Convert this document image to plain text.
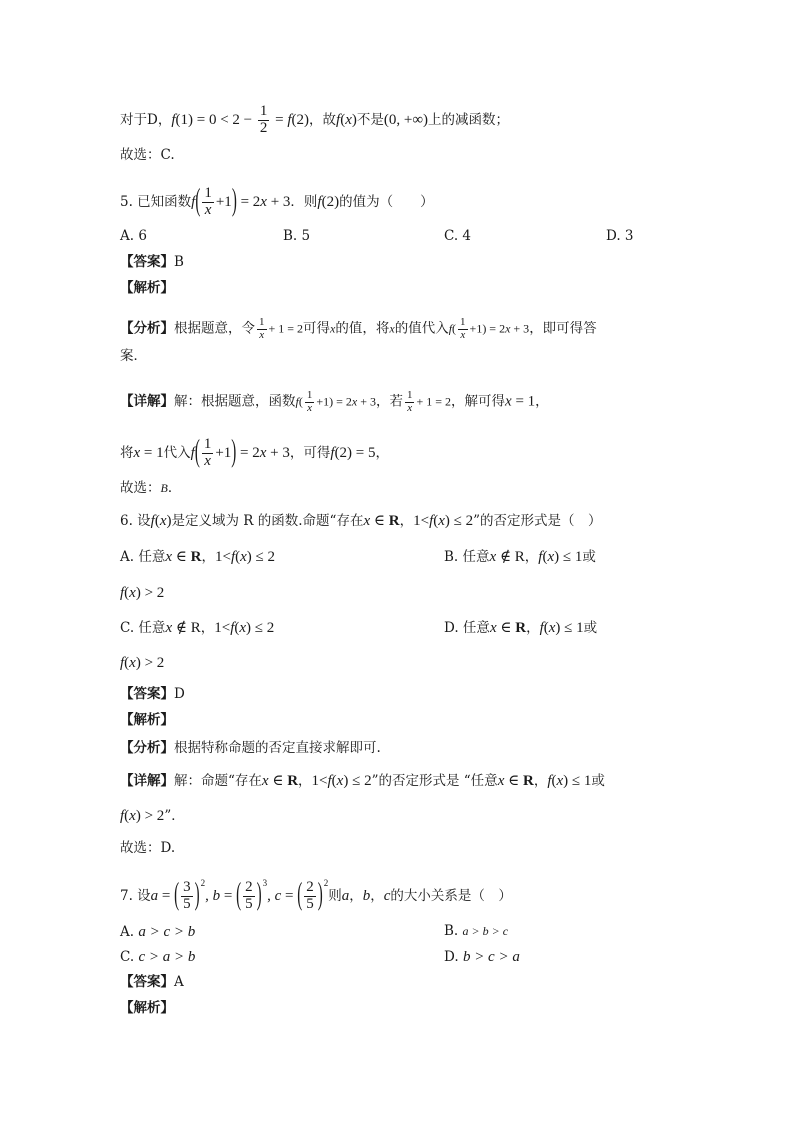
对于D，$f(1) = 0 < 2 - \frac{1}{2} = f(2)$，故f(x)不是(0, +∞)上的减函数；
故选：C.
5. 已知函数$f( \frac{1}{x} +1) = 2x + 3$．则f(2)的值为（　　）
A. 6	B. 5	C. 4	D. 3
【答案】B
【解析】
【分析】根据题意，令 $\frac{1}{x} + 1 = 2$可得x的值，将x的值代入$f( \frac{1}{x} +1) = 2x + 3$，即可得答
案．
【详解】解：根据题意，函数$f( \frac{1}{x} +1) = 2x + 3$，若 $\frac{1}{x} + 1 = 2$，解可得x = 1，
将x = 1代入$f( \frac{1}{x} +1) = 2x + 3$，可得f(2) = 5，
故选：B．
6. 设f(x)是定义域为 R 的函数.命题“存在x ∈ R，1<f(x) ≤ 2”的否定形式是（　）
A. 任意x ∈ R，1<f(x) ≤ 2	B. 任意x ∉ R，f(x) ≤ 1或
f(x) > 2
C. 任意x ∉ R，1<f(x) ≤ 2	D. 任意x ∈ R，f(x) ≤ 1或
f(x) > 2
【答案】D
【解析】
【分析】根据特称命题的否定直接求解即可.
【详解】解：命题“存在x ∈ R，1<f(x) ≤ 2”的否定形式是 “任意x ∈ R，f(x) ≤ 1或
f(x) > 2”．
故选：D.
7. 设a = ( $\frac{3}{5} )^2$, b = ( $\frac{2}{5} )^3$, c = ( $\frac{2}{5} )^2$则a，b，c的大小关系是（　）
A. a > c > b	B. a > b > c
C. c > a > b	D. b > c > a
【答案】A
【解析】
